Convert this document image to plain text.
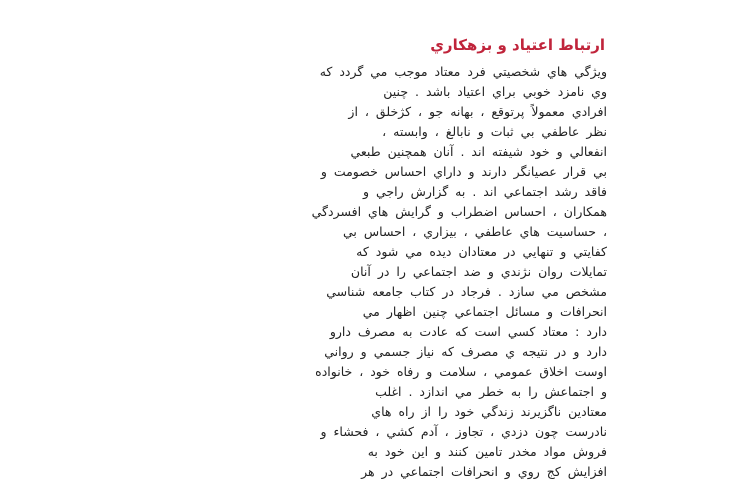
ارتباط اعتیاد و بزهکاري
ويژگي هاي شخصيتي فرد معتاد موجب مي گردد كه
وي نامزد خوبي براي اعتياد باشد . چنين
افرادي معمولاً پرتوقع ، بهانه جو ، كژخلق ، از
نظر عاطفي بي ثبات و نابالغ ، وابسته ،
انفعالي و خود شيفته اند . آنان همچنين طبعي
بي قرار عصيانگر دارند و داراي احساس خصومت و
فاقد رشد اجتماعي اند . به گزارش راجي و
همكاران ، احساس اضطراب و گرايش هاي افسردگي
، حساسيت هاي عاطفي ، بيزاري ، احساس بي
كفايتي و تنهايي در معتادان ديده مي شود كه
تمايلات روان نژندي و ضد اجتماعي را در آنان
مشخص مي سازد . فرجاد در كتاب جامعه شناسي
انحرافات و مسائل اجتماعي چنين اظهار مي
دارد : معتاد كسي است كه عادت به مصرف دارو
دارد و در نتيجه ي مصرف كه نياز جسمي و رواني
اوست اخلاق عمومي ، سلامت و رفاه خود ، خانواده
و اجتماعش را به خطر مي اندازد . اغلب
معتادين ناگزيرند زندگي خود را از راه هاي
نادرست چون دزدي ، تجاوز ، آدم كشي ، فحشاء و
فروش مواد مخدر تامين كنند و اين خود به
افزايش كج روي و انحرافات اجتماعي در هر
